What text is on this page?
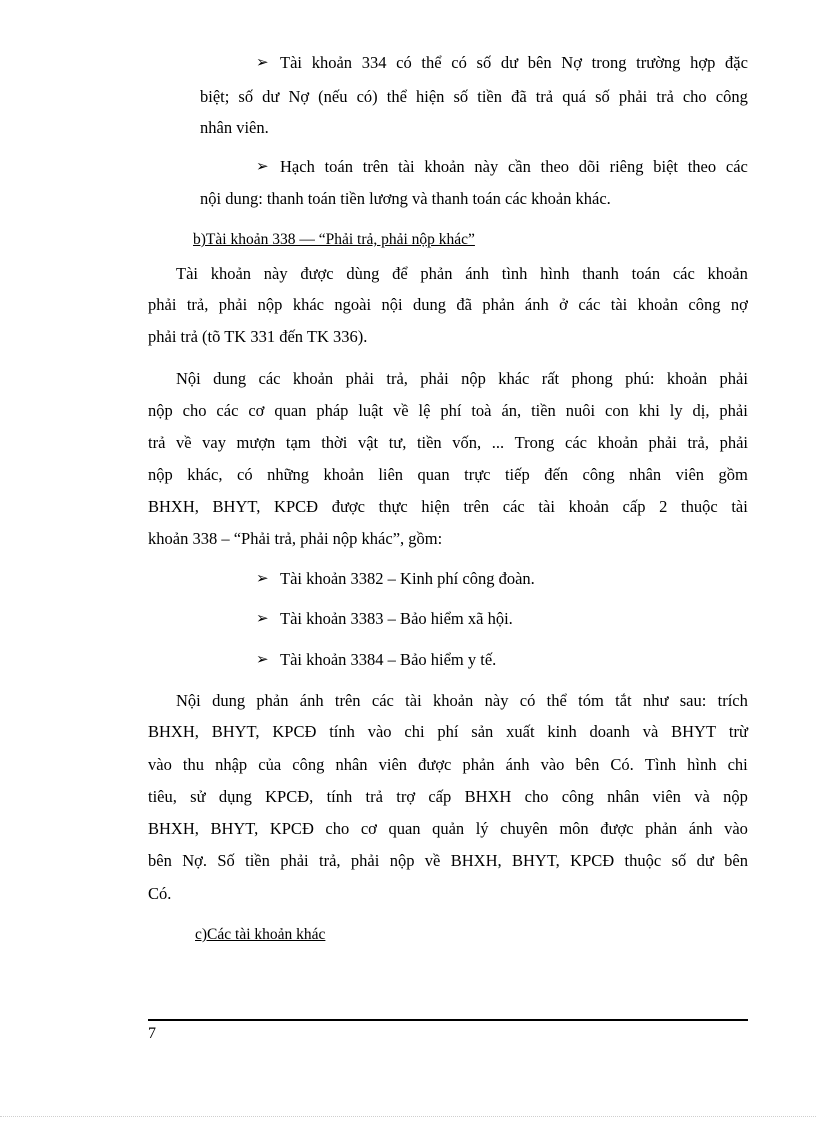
➢ Tài khoản 334 có thể có số dư bên Nợ trong trường hợp đặc
biệt; số dư Nợ (nếu có) thể hiện số tiền đã trả quá số phải trả cho công
nhân viên.
➢ Hạch toán trên tài khoản này cần theo dõi riêng biệt theo các
nội dung: thanh toán tiền lương và thanh toán các khoản khác.
b)Tài khoản 338 — “Phải trả, phải nộp khác”
Tài khoản này được dùng để phản ánh tình hình thanh toán các khoản
phải trả, phải nộp khác ngoài nội dung đã phản ánh ở các tài khoản công nợ
phải trả (tõ TK 331 đến TK 336).
Nội dung các khoản phải trả, phải nộp khác rất phong phú: khoản phải
nộp cho các cơ quan pháp luật về lệ phí toà án, tiền nuôi con khi ly dị, phải
trả về vay mượn tạm thời vật tư, tiền vốn, ... Trong các khoản phải trả, phải
nộp khác, có những khoản liên quan trực tiếp đến công nhân viên gồm
BHXH, BHYT, KPCĐ được thực hiện trên các tài khoản cấp 2 thuộc tài
khoản 338 – “Phải trả, phải nộp khác”, gồm:
➢ Tài khoản 3382 – Kinh phí công đoàn.
➢ Tài khoản 3383 – Bảo hiểm xã hội.
➢ Tài khoản 3384 – Bảo hiểm y tế.
Nội dung phản ánh trên các tài khoản này có thể tóm tắt như sau: trích
BHXH, BHYT, KPCĐ tính vào chi phí sản xuất kinh doanh và BHYT trừ
vào thu nhập của công nhân viên được phản ánh vào bên Có. Tình hình chi
tiêu, sử dụng KPCĐ, tính trả trợ cấp BHXH cho công nhân viên và nộp
BHXH, BHYT, KPCĐ cho cơ quan quản lý chuyên môn được phản ánh vào
bên Nợ. Số tiền phải trả, phải nộp về BHXH, BHYT, KPCĐ thuộc số dư bên
Có.
c)Các tài khoản khác
7
